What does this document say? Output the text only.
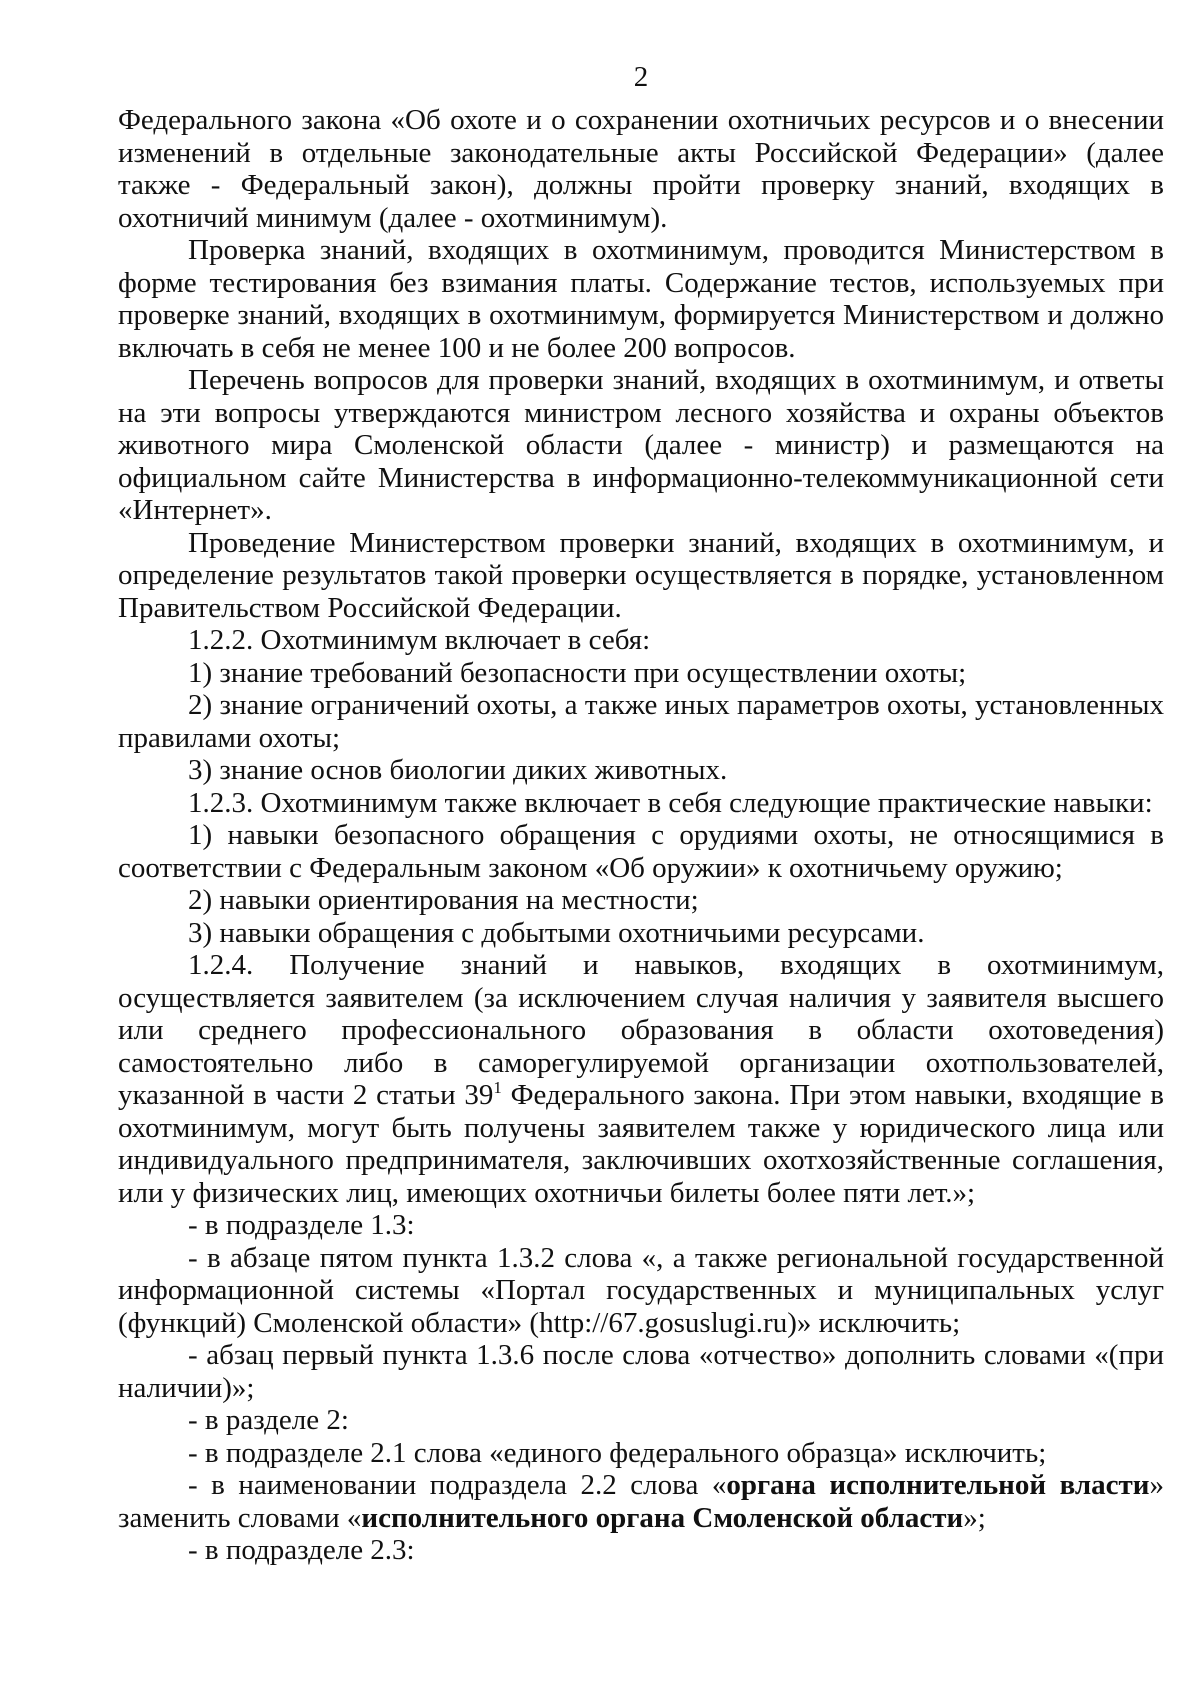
2

Федерального закона «Об охоте и о сохранении охотничьих ресурсов и о внесении изменений в отдельные законодательные акты Российской Федерации» (далее также - Федеральный закон), должны пройти проверку знаний, входящих в охотничий минимум (далее - охотминимум).

Проверка знаний, входящих в охотминимум, проводится Министерством в форме тестирования без взимания платы. Содержание тестов, используемых при проверке знаний, входящих в охотминимум, формируется Министерством и должно включать в себя не менее 100 и не более 200 вопросов.

Перечень вопросов для проверки знаний, входящих в охотминимум, и ответы на эти вопросы утверждаются министром лесного хозяйства и охраны объектов животного мира Смоленской области (далее - министр) и размещаются на официальном сайте Министерства в информационно-телекоммуникационной сети «Интернет».

Проведение Министерством проверки знаний, входящих в охотминимум, и определение результатов такой проверки осуществляется в порядке, установленном Правительством Российской Федерации.

1.2.2. Охотминимум включает в себя:

1) знание требований безопасности при осуществлении охоты;

2) знание ограничений охоты, а также иных параметров охоты, установленных правилами охоты;

3) знание основ биологии диких животных.

1.2.3. Охотминимум также включает в себя следующие практические навыки:

1) навыки безопасного обращения с орудиями охоты, не относящимися в соответствии с Федеральным законом «Об оружии» к охотничьему оружию;

2) навыки ориентирования на местности;

3) навыки обращения с добытыми охотничьими ресурсами.

1.2.4. Получение знаний и навыков, входящих в охотминимум, осуществляется заявителем (за исключением случая наличия у заявителя высшего или среднего профессионального образования в области охотоведения) самостоятельно либо в саморегулируемой организации охотпользователей, указанной в части 2 статьи $39^1$ Федерального закона. При этом навыки, входящие в охотминимум, могут быть получены заявителем также у юридического лица или индивидуального предпринимателя, заключивших охотхозяйственные соглашения, или у физических лиц, имеющих охотничьи билеты более пяти лет.»;

- в подразделе 1.3:

- в абзаце пятом пункта 1.3.2 слова «, а также региональной государственной информационной системы «Портал государственных и муниципальных услуг (функций) Смоленской области» (http://67.gosuslugi.ru)» исключить;

- абзац первый пункта 1.3.6 после слова «отчество» дополнить словами «(при наличии)»;

- в разделе 2:

- в подразделе 2.1 слова «единого федерального образца» исключить;

- в наименовании подраздела 2.2 слова «органа исполнительной власти» заменить словами «исполнительного органа Смоленской области»;

- в подразделе 2.3:
